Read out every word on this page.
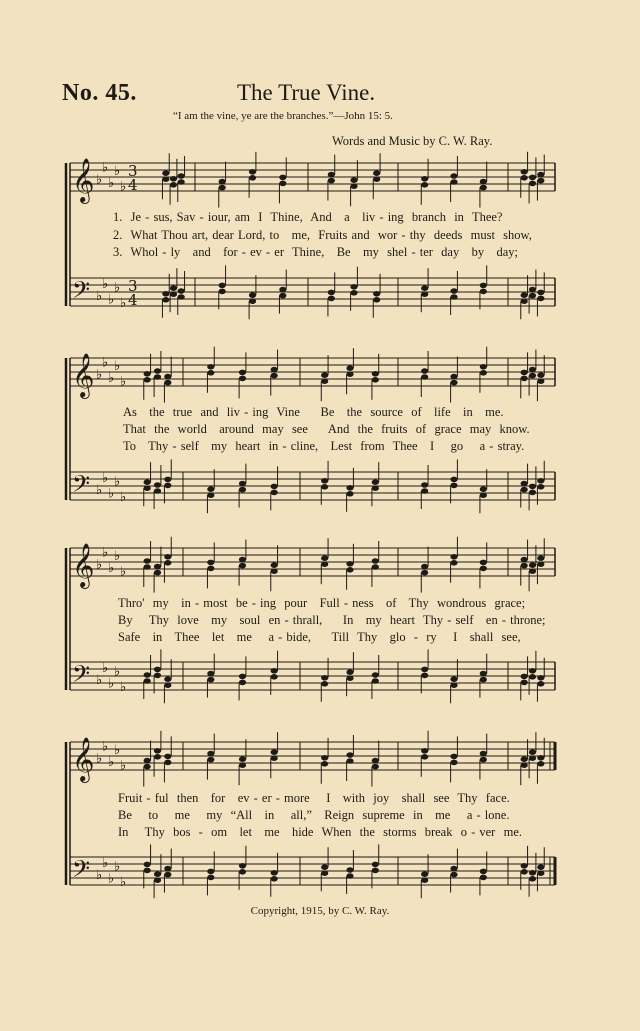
No. 45.	The True Vine.
“I am the vine, ye are the branches.”—John 15: 5.
Words and Music by C. W. Ray.
𝄞
𝄢
♭
♭
♭
♭
♭
♭
♭
♭
♭
♭
3
4
3
4
𝄞
𝄢
♭
♭
♭
♭
♭
♭
♭
♭
♭
♭
𝄞
𝄢
♭
♭
♭
♭
♭
♭
♭
♭
♭
♭
𝄞
𝄢
♭
♭
♭
♭
♭
♭
♭
♭
♭
♭
1.  Je - sus, Sav - iour, am  I  Thine,  And   a   liv - ing  branch  in  Thee?
2.  What Thou art, dear Lord, to   me,  Fruits and  wor - thy  deeds  must  show,
3.  Whol - ly   and   for - ev - er  Thine,   Be   my  shel - ter  day   by   day;
As   the  true  and  liv - ing  Vine     Be   the  source  of   life   in   me.
That  the  world   around  may  see     And  the  fruits  of  grace  may  know.
To   Thy - self   my  heart  in - cline,   Lest  from  Thee   I    go    a - stray.
Thro'  my   in - most  be - ing  pour   Full - ness   of   Thy  wondrous  grace;
By    Thy  love   my   soul  en - thrall,     In   my  heart  Thy - self   en - throne;
Safe   in   Thee   let   me    a - bide,     Till  Thy   glo  -  ry    I   shall  see,
Fruit - ful  then   for   ev - er - more    I   with  joy   shall  see  Thy  face.
Be    to    me    my  “All   in    all,”   Reign  supreme  in   me    a - lone.
In    Thy  bos  -  om   let   me   hide  When  the  storms  break  o - ver  me.
Copyright, 1915, by C. W. Ray.
